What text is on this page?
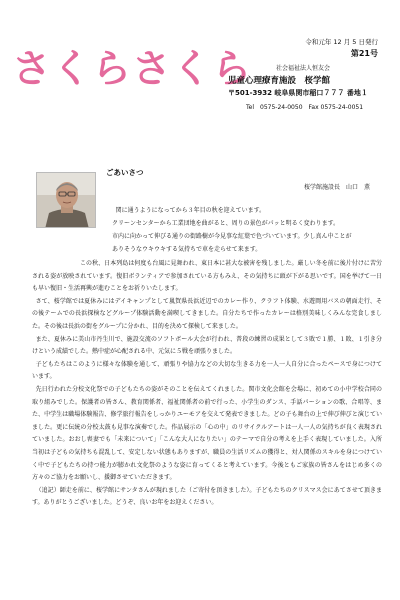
さくらさくら
令和元年 12 月 5 日発行
第21号
社会福祉法人恒友会
児童心理療育施設　桜学館
〒501-3932 岐阜県関市稲口７７７ 番地１
Tel　0575-24-0050　Fax 0575-24-0051
ごあいさつ
桜学館施設長　山口　薫
関に通うようになってから３年目の秋を迎えています。
クリーンセンターから工業団地を曲がると、周りの景色がパッと明るく変わります。
市内に向かって伸びる通りの街路樹が今見事な紅葉で色づいています。少し真ん中ことが
ありそうなウキウキする気持ちで車を走らせて来ます。

この秋、日本列島は何度も台風に見舞われ、東日本に甚大な被害を残しました。厳しい冬を前に後片付けに苦労される姿が放映されています。復旧ボランティアで参加されている方もみえ、その気持ちに頭が下がる思いです。国を挙げて一日も早い復旧・生活再興が進むことをお祈りいたします。

さて、桜学館では夏休みにはデイキャンプとして嵐賀県長浜近辺でのカレー作り、クラフト体験、水遊岡用バスの朝面走行、その後テームでの長浜探検などグループ体験活動を満喫してきました。自分たちで作ったカレーは格別美味しくみんな完食しました。その後は長浜の街をグループに分かれ、目的を決めて探検して来ました。

また、夏休みに美山市丹生川で、施設交流のソフトボール大会が行われ、普段の練習の成果として３敗で１勝、１敗、１引き分けという成績でした。熱中症が心配される中、元気に５戦を頑張りました。

子どもたちはこのように様々な体験を通して、頑張りや協力などの大切な生きる力を一人一人自分に合ったペースで身につけています。

先日行われた分校文化祭での子どもたちの姿がそのことを伝えてくれました。関市文化会館を会場に、初めての小中学校合同の取り組みでした。保護者の皆さん、教育関係者、福祉関係者の前で行った、小学生のダンス、手話パーションの歌、合唱等、また、中学生は職場体験報告、修学旅行報告をしっかりユーモアを交えて発表できました。どの子も舞台の上で伸び伸びと演じていました。更に伝統の分校太鼓も見事な演奏でした。作品展示の「心の中」のリサイクルアートは一人一人の気持ちが良く表現されていました。おおし喪妻でも「未来について」「こんな大人になりたい」のテーマで自分の考えを上手く表現していました。入所当初は子どもの気持ちも混乱して、安定しない状態もありますが、職員の生活リズムの獲得と、対人関係のスキルを身につけていく中で子どもたちの持つ能力が膨かれ文化祭のような姿に育ってくると考えています。今後ともご家族の皆さんをはじめ多くの方々のご協力をお願いし、援御させていただきます。

（追記）師走を前に、桜学館にサンタさんが現れました（ご寄付を頂きました）。子どもたちのクリスマス会にあてさせて頂きます。ありがとうございました。どうぞ、良いお年をお迎えください。
